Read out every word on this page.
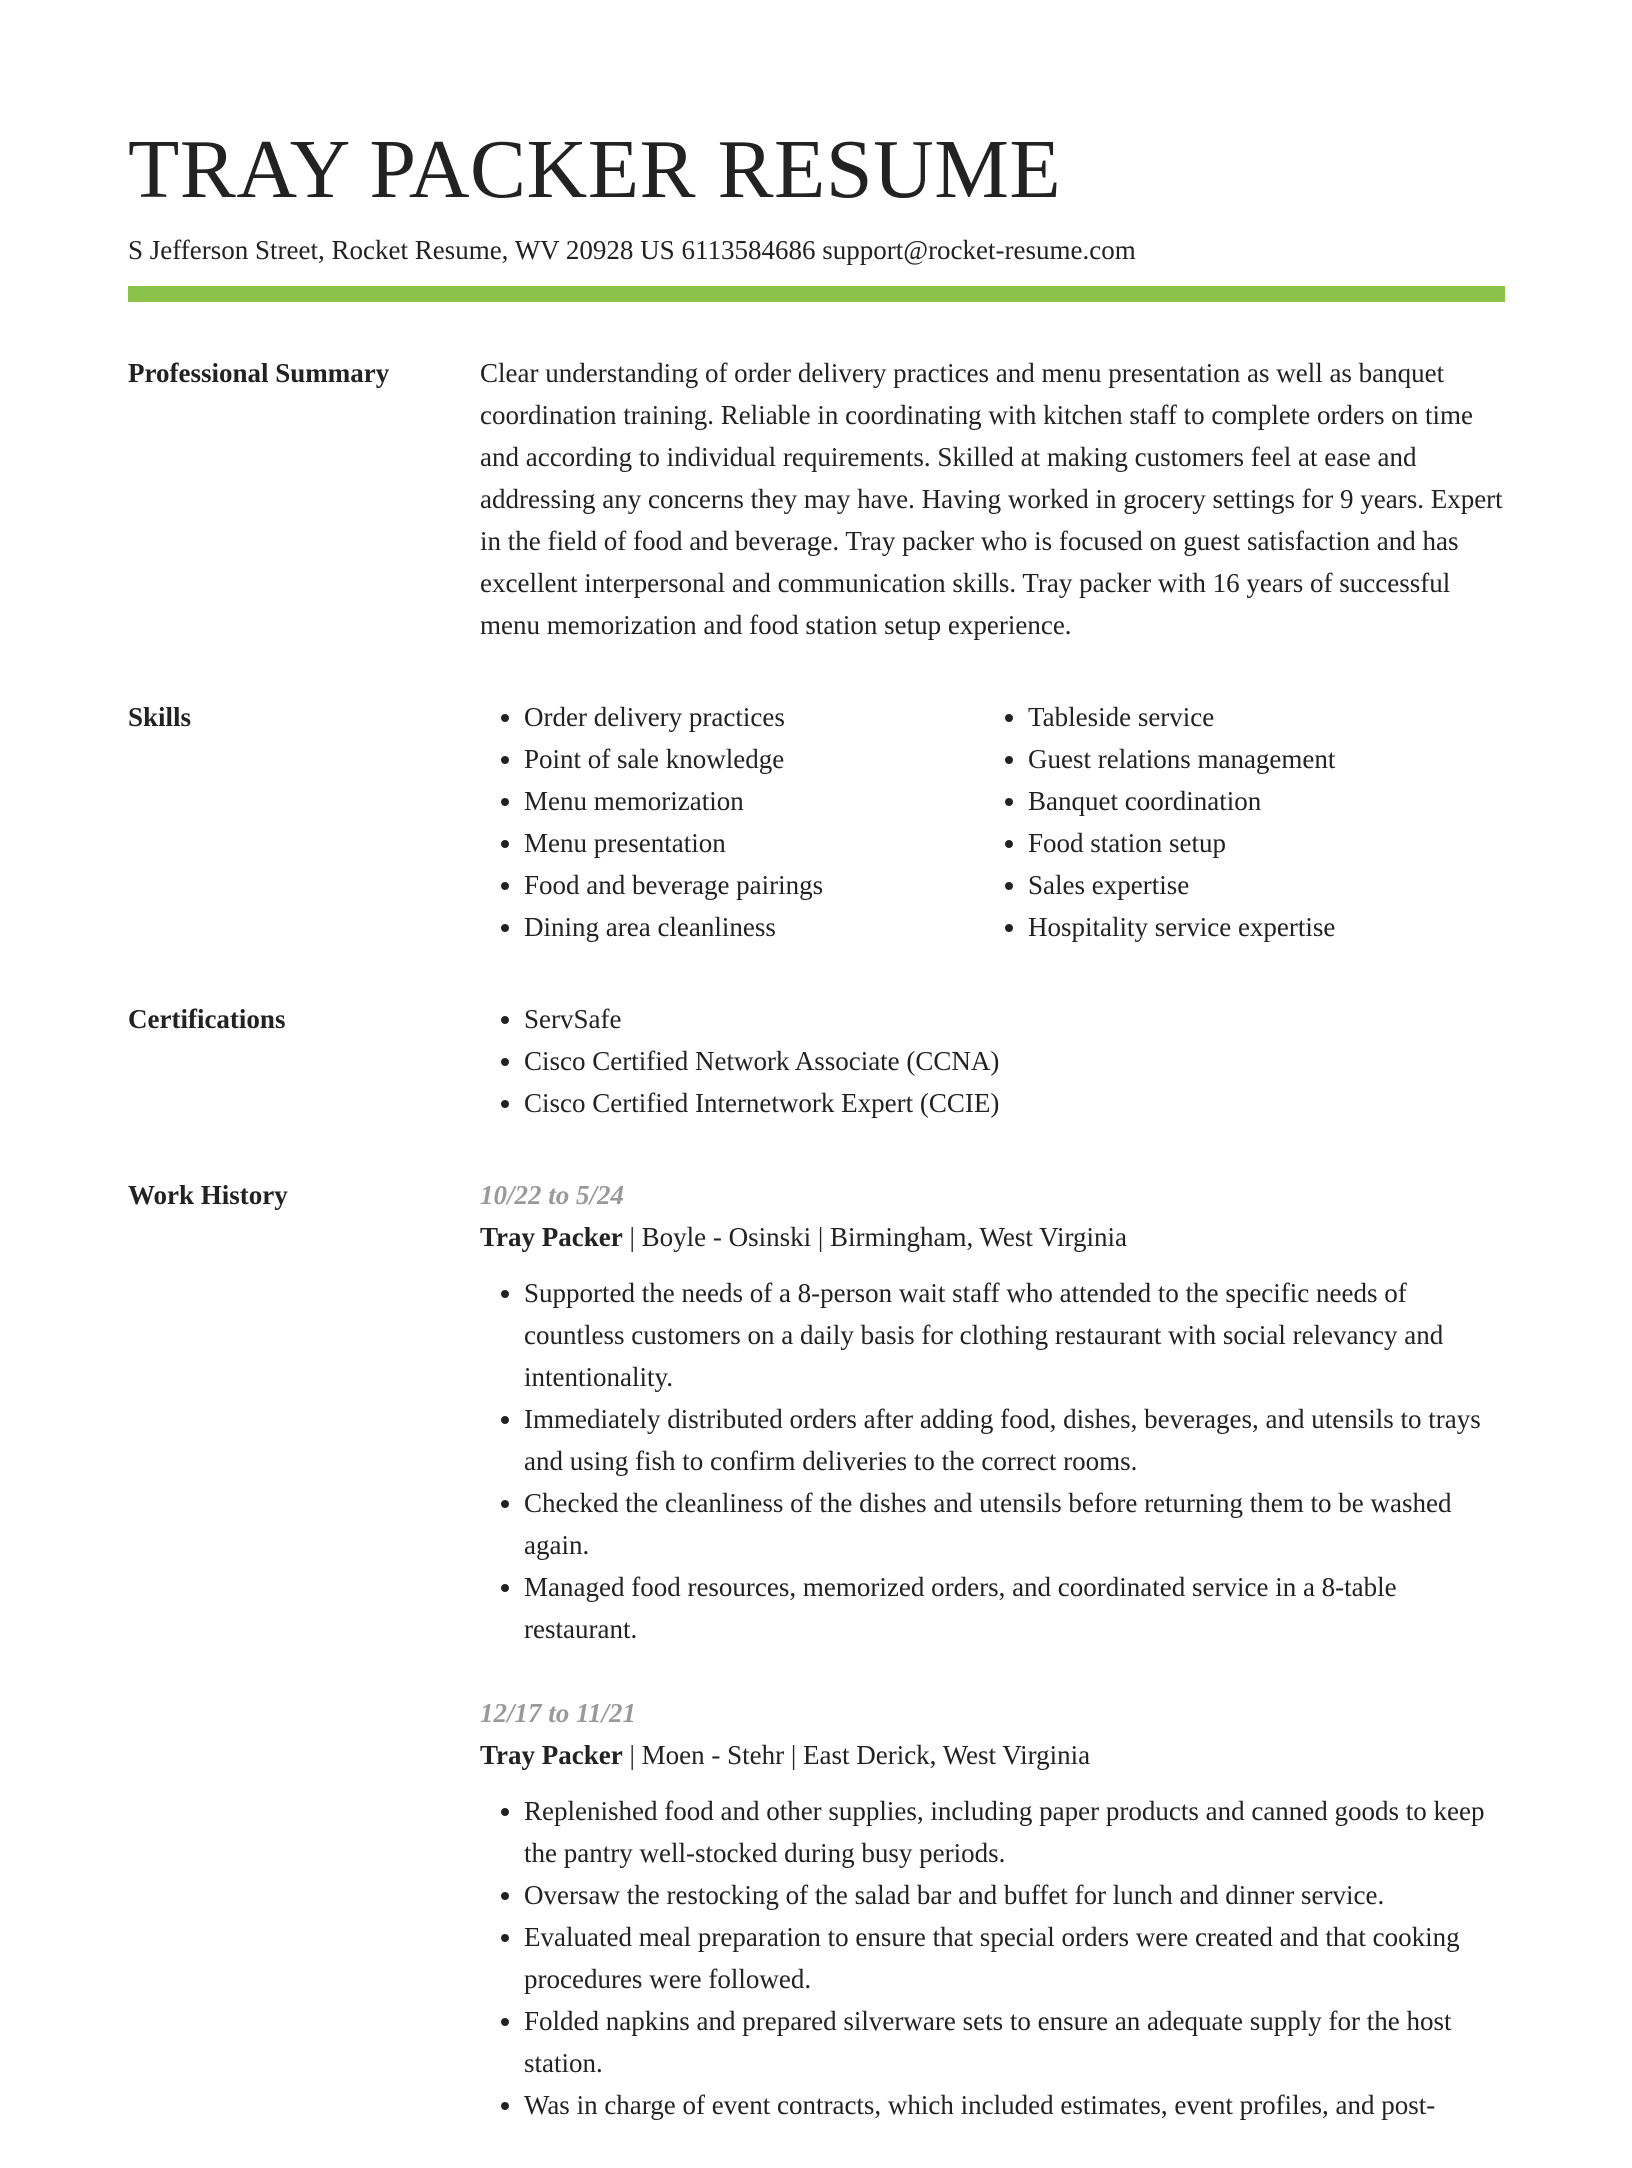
TRAY PACKER RESUME
S Jefferson Street, Rocket Resume, WV 20928 US 6113584686 support@rocket-resume.com
Professional Summary	Clear understanding of order delivery practices and menu presentation as well as banquet coordination training. Reliable in coordinating with kitchen staff to complete orders on time and according to individual requirements. Skilled at making customers feel at ease and addressing any concerns they may have. Having worked in grocery settings for 9 years. Expert in the field of food and beverage. Tray packer who is focused on guest satisfaction and has excellent interpersonal and communication skills. Tray packer with 16 years of successful menu memorization and food station setup experience.

Skills	• Order delivery practices
• Point of sale knowledge
• Menu memorization
• Menu presentation
• Food and beverage pairings
• Dining area cleanliness
• Tableside service
• Guest relations management
• Banquet coordination
• Food station setup
• Sales expertise
• Hospitality service expertise
Certifications	• ServSafe
• Cisco Certified Network Associate (CCNA)
• Cisco Certified Internetwork Expert (CCIE)
Work History	10/22 to 5/24
Tray Packer | Boyle - Osinski | Birmingham, West Virginia
• Supported the needs of a 8-person wait staff who attended to the specific needs of countless customers on a daily basis for clothing restaurant with social relevancy and intentionality.
• Immediately distributed orders after adding food, dishes, beverages, and utensils to trays and using fish to confirm deliveries to the correct rooms.
• Checked the cleanliness of the dishes and utensils before returning them to be washed again.
• Managed food resources, memorized orders, and coordinated service in a 8-table restaurant.
12/17 to 11/21
Tray Packer | Moen - Stehr | East Derick, West Virginia
• Replenished food and other supplies, including paper products and canned goods to keep the pantry well-stocked during busy periods.
• Oversaw the restocking of the salad bar and buffet for lunch and dinner service.
• Evaluated meal preparation to ensure that special orders were created and that cooking procedures were followed.
• Folded napkins and prepared silverware sets to ensure an adequate supply for the host station.
• Was in charge of event contracts, which included estimates, event profiles, and post-
